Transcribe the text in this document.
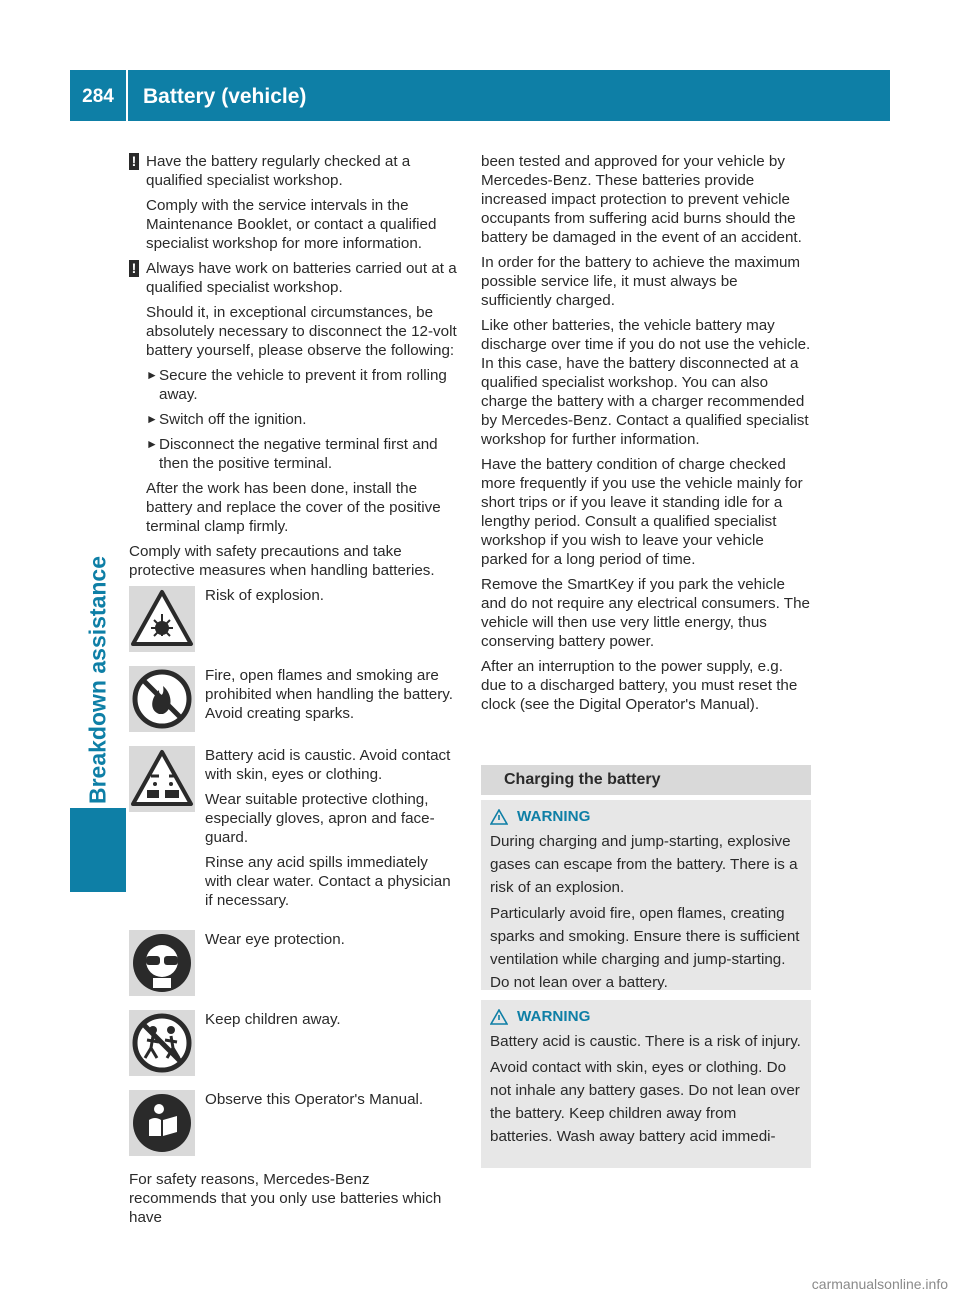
284	Battery (vehicle)
Breakdown assistance
! Have the battery regularly checked at a qualified specialist workshop.

Comply with the service intervals in the Maintenance Booklet, or contact a qualified specialist workshop for more information.

! Always have work on batteries carried out at a qualified specialist workshop.

Should it, in exceptional circumstances, be absolutely necessary to disconnect the 12-volt battery yourself, please observe the following:

► Secure the vehicle to prevent it from rolling away.
► Switch off the ignition.
► Disconnect the negative terminal first and then the positive terminal.

After the work has been done, install the battery and replace the cover of the positive terminal clamp firmly.

Comply with safety precautions and take protective measures when handling batteries.

Risk of explosion.

Fire, open flames and smoking are prohibited when handling the battery. Avoid creating sparks.

Battery acid is caustic. Avoid contact with skin, eyes or clothing.

Wear suitable protective clothing, especially gloves, apron and face-guard.

Rinse any acid spills immediately with clear water. Contact a physician if necessary.

Wear eye protection.

Keep children away.

Observe this Operator's Manual.

For safety reasons, Mercedes-Benz recommends that you only use batteries which have

been tested and approved for your vehicle by Mercedes-Benz. These batteries provide increased impact protection to prevent vehicle occupants from suffering acid burns should the battery be damaged in the event of an accident.

In order for the battery to achieve the maximum possible service life, it must always be sufficiently charged.

Like other batteries, the vehicle battery may discharge over time if you do not use the vehicle. In this case, have the battery disconnected at a qualified specialist workshop. You can also charge the battery with a charger recommended by Mercedes-Benz. Contact a qualified specialist workshop for further information.

Have the battery condition of charge checked more frequently if you use the vehicle mainly for short trips or if you leave it standing idle for a lengthy period. Consult a qualified specialist workshop if you wish to leave your vehicle parked for a long period of time.

Remove the SmartKey if you park the vehicle and do not require any electrical consumers. The vehicle will then use very little energy, thus conserving battery power.

After an interruption to the power supply, e.g. due to a discharged battery, you must reset the clock (see the Digital Operator's Manual).

Charging the battery
WARNING

During charging and jump-starting, explosive gases can escape from the battery. There is a risk of an explosion.

Particularly avoid fire, open flames, creating sparks and smoking. Ensure there is sufficient ventilation while charging and jump-starting. Do not lean over a battery.

WARNING

Battery acid is caustic. There is a risk of injury.

Avoid contact with skin, eyes or clothing. Do not inhale any battery gases. Do not lean over the battery. Keep children away from batteries. Wash away battery acid immedi-

carmanualsonline.info
